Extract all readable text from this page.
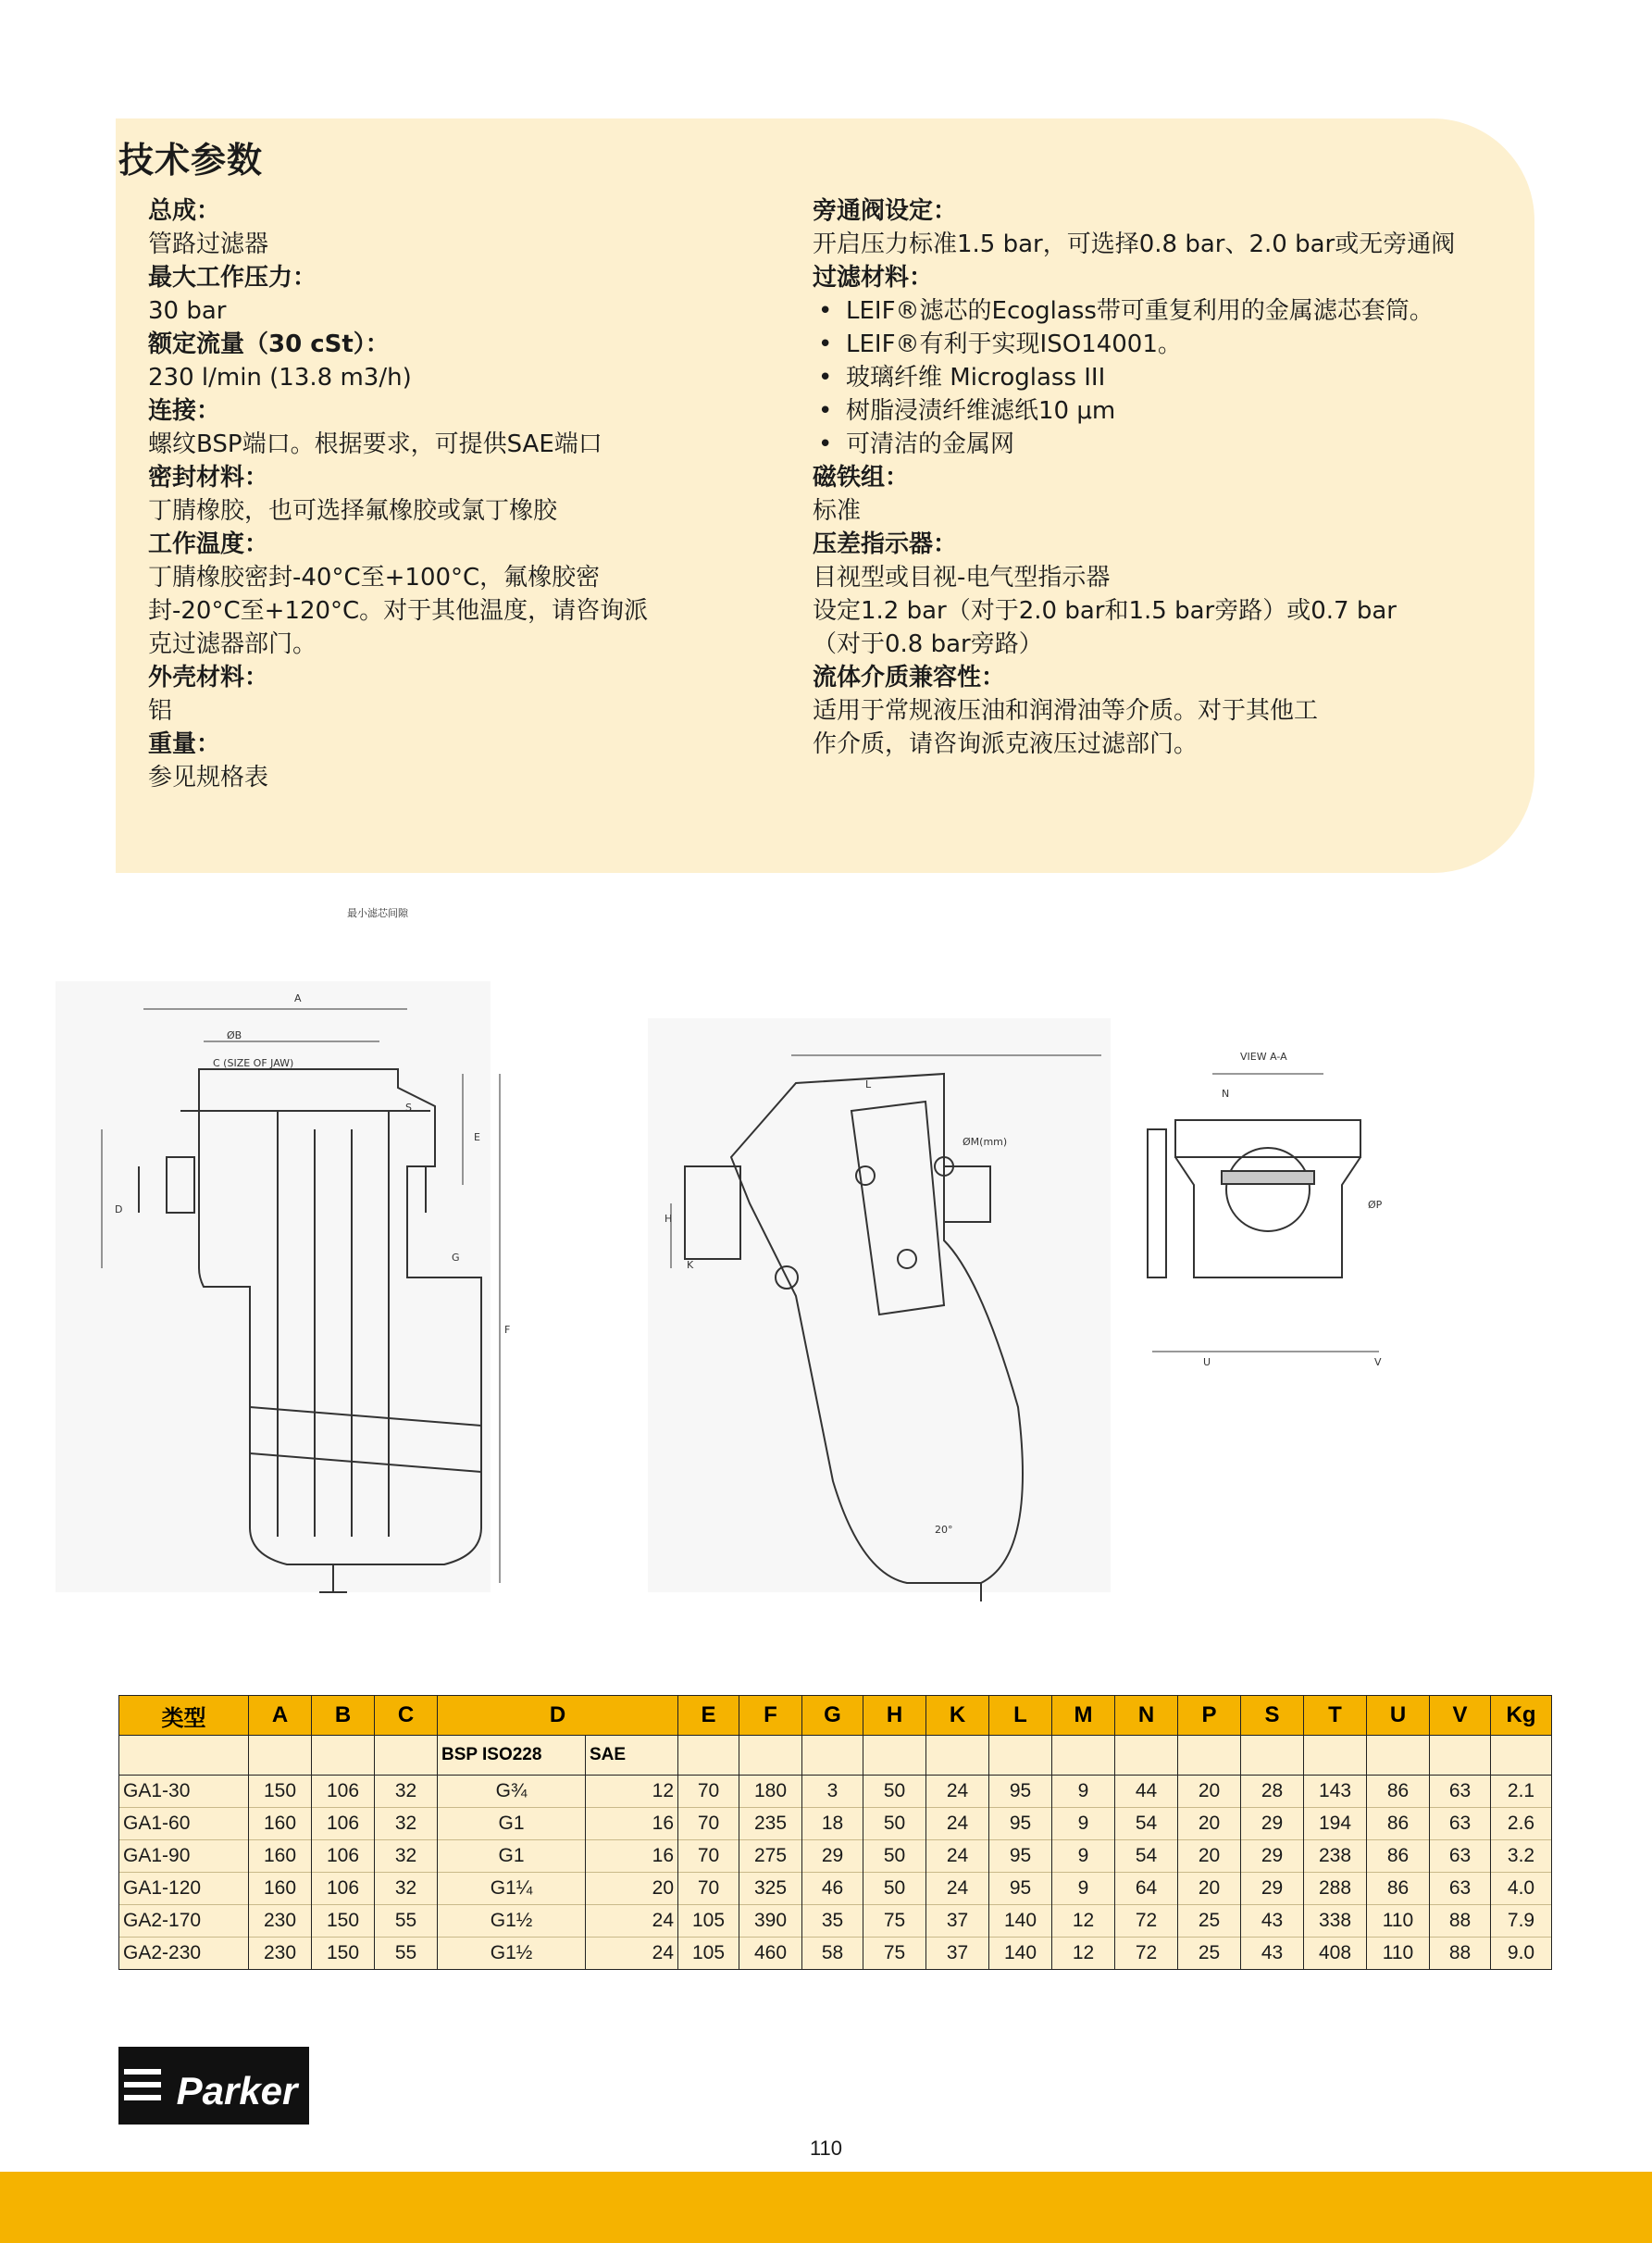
技术参数
总成：
管路过滤器
最大工作压力：
30 bar
额定流量（30 cSt）：
230 l/min (13.8 m3/h)
连接：
螺纹BSP端口。根据要求，可提供SAE端口
密封材料：
丁腈橡胶，也可选择氟橡胶或氯丁橡胶
工作温度：
丁腈橡胶密封-40°C至+100°C，氟橡胶密
封-20°C至+120°C。对于其他温度，请咨询派
克过滤器部门。
外壳材料：
铝
重量：
参见规格表
旁通阀设定：
开启压力标准1.5 bar，可选择0.8 bar、2.0 bar或无旁通阀
过滤材料：
• LEIF®滤芯的Ecoglass带可重复利用的金属滤芯套筒。
• LEIF®有利于实现ISO14001。
• 玻璃纤维 Microglass III
• 树脂浸渍纤维滤纸10 μm
• 可清洁的金属网
磁铁组：
标准
压差指示器：
目视型或目视-电气型指示器
设定1.2 bar（对于2.0 bar和1.5 bar旁路）或0.7 bar
（对于0.8 bar旁路）
流体介质兼容性：
适用于常规液压油和润滑油等介质。对于其他工
作介质，请咨询派克液压过滤部门。
A
ØB
C (SIZE OF JAW)
D
E
F
G
S
最小滤芯间隙
L
ØM(mm)
H
K
20°
VIEW A-A
N
ØP
U	V
类型	A	B	C	D		E	F	G	H	K	L	M	N	P	S	T	U	V	Kg
				BSP ISO228	SAE														
GA1-30	150	106	32	G¾	12	70	180	3	50	24	95	9	44	20	28	143	86	63	2.1
GA1-60	160	106	32	G1	16	70	235	18	50	24	95	9	54	20	29	194	86	63	2.6
GA1-90	160	106	32	G1	16	70	275	29	50	24	95	9	54	20	29	238	86	63	3.2
GA1-120	160	106	32	G1¼	20	70	325	46	50	24	95	9	64	20	29	288	86	63	4.0
GA2-170	230	150	55	G1½	24	105	390	35	75	37	140	12	72	25	43	338	110	88	7.9
GA2-230	230	150	55	G1½	24	105	460	58	75	37	140	12	72	25	43	408	110	88	9.0
Parker
110
